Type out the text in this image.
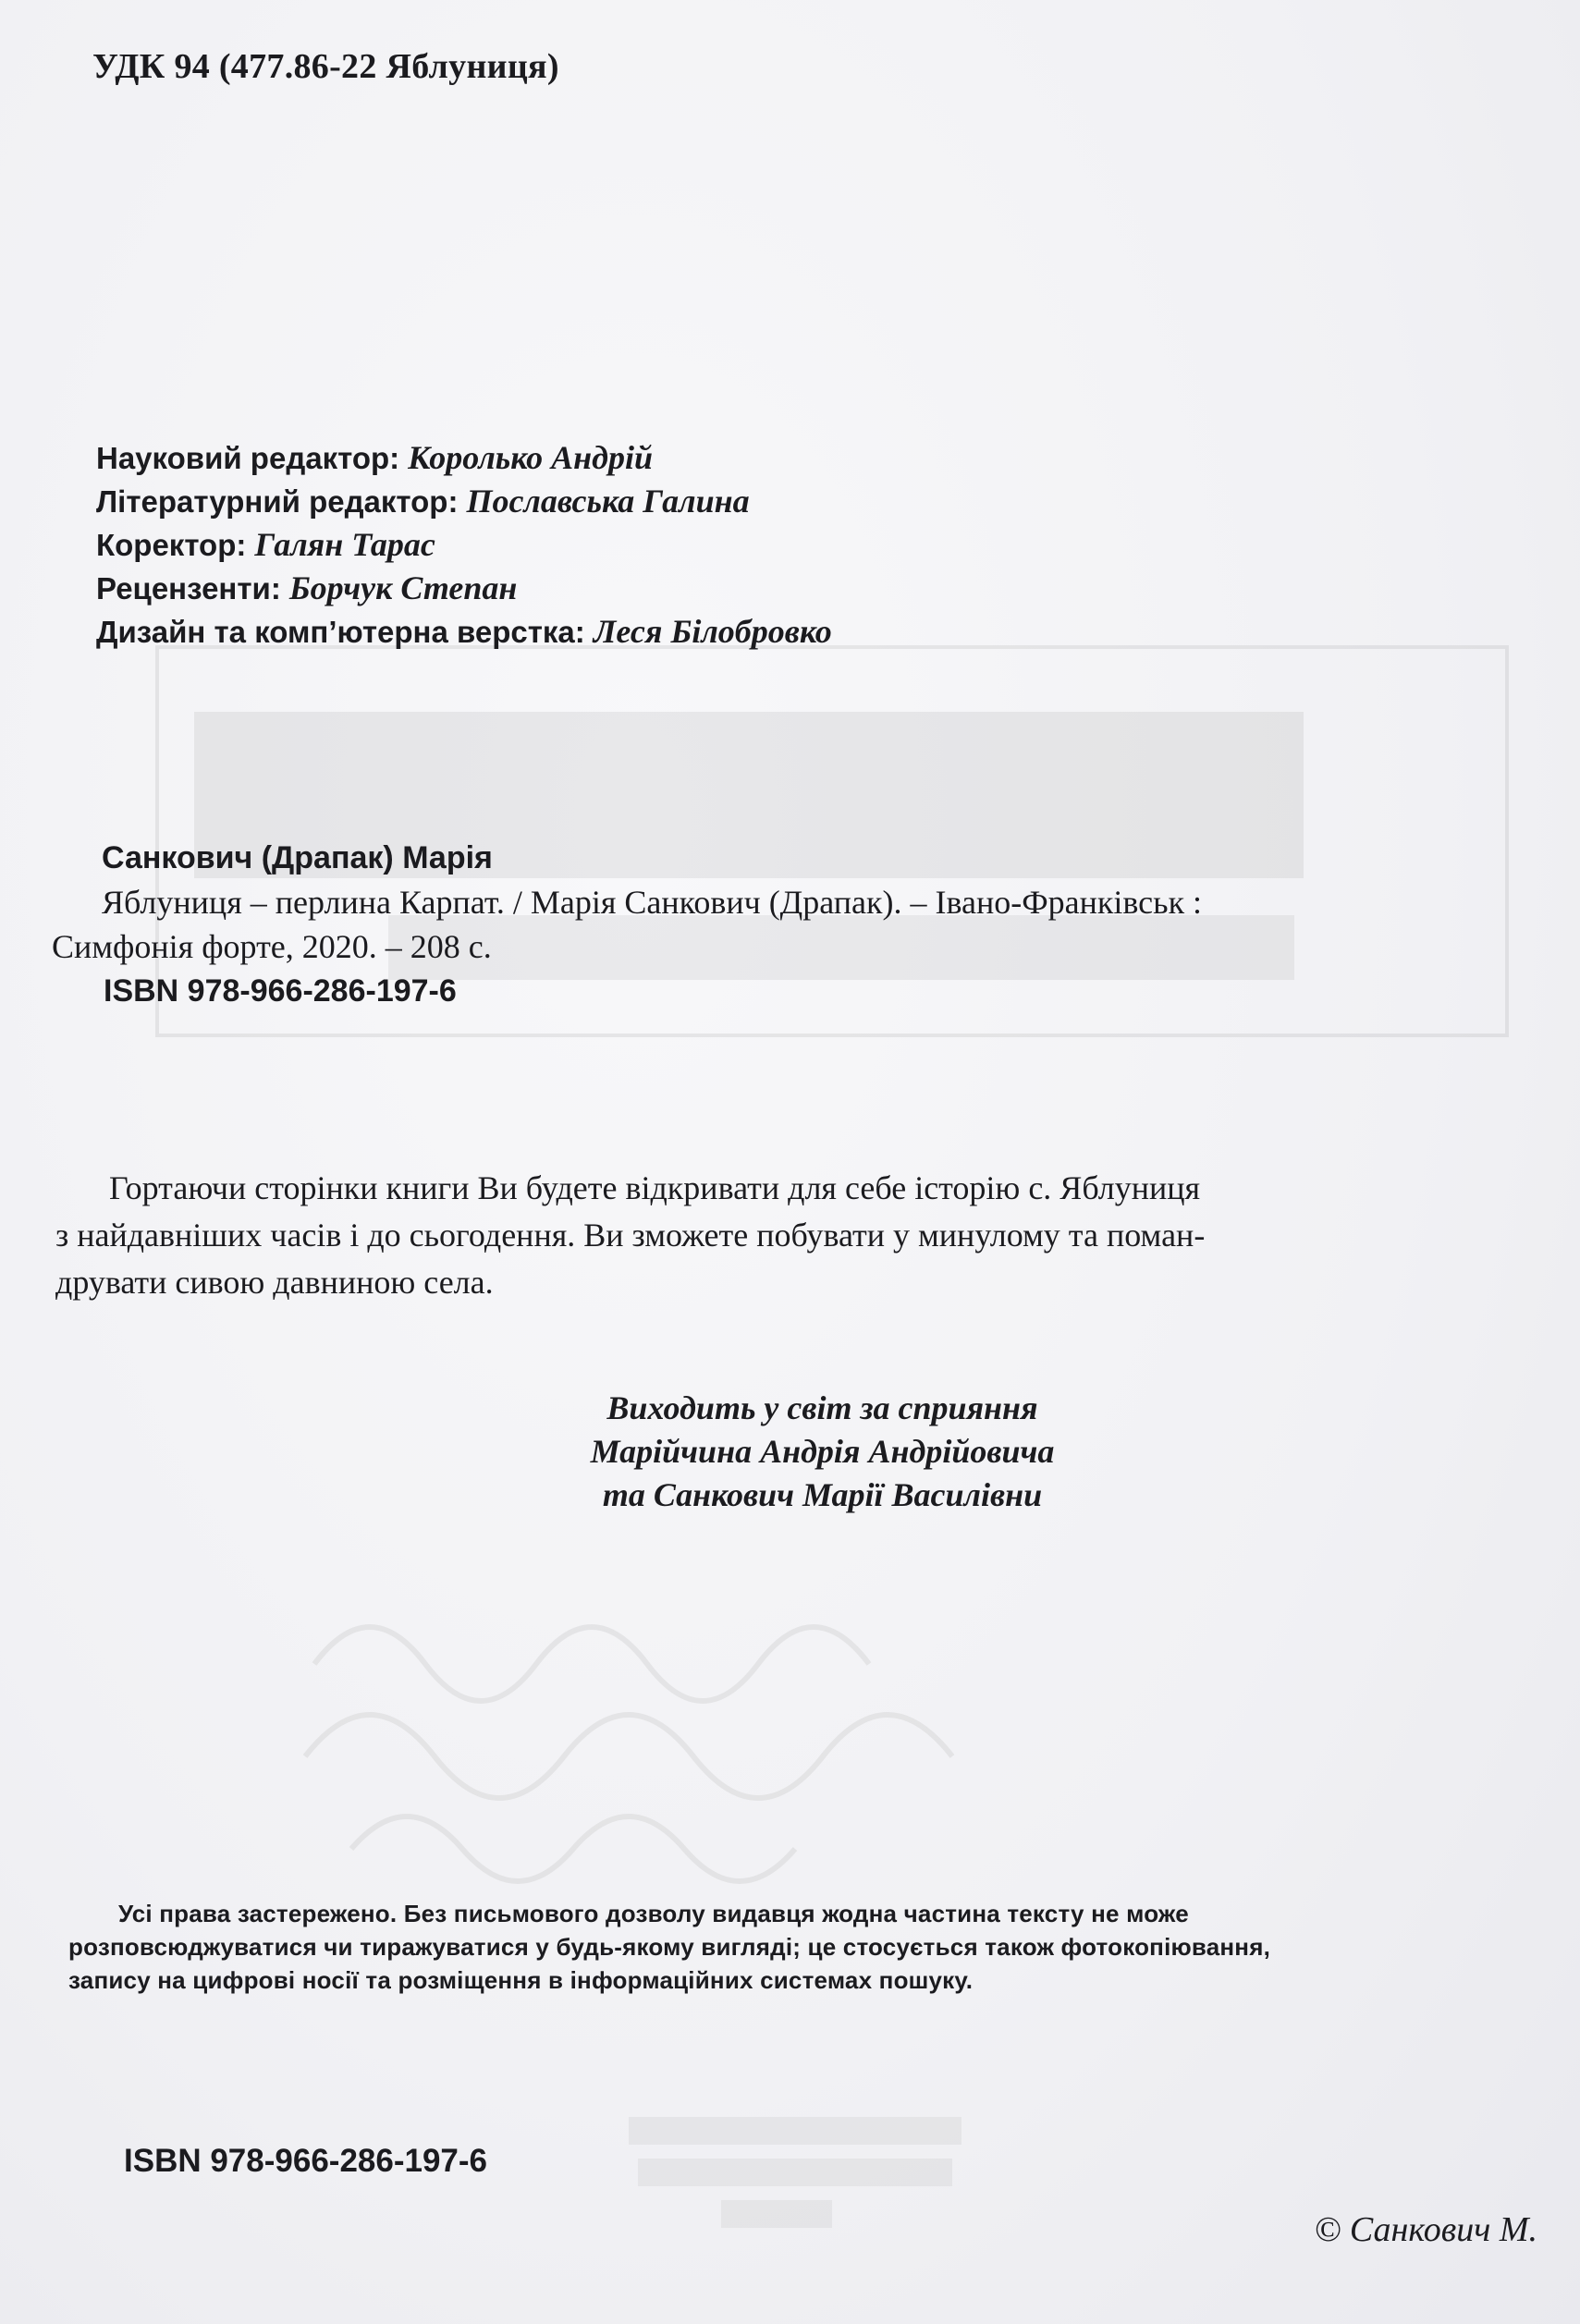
УДК 94 (477.86-22 Яблуниця)
Науковий редактор: Королько Андрій
Літературний редактор: Пославська Галина
Коректор: Галян Тарас
Рецензенти: Борчук Степан
Дизайн та комп’ютерна верстка: Леся Білобровко
Санкович (Драпак) Марія
Яблуниця – перлина Карпат. / Марія Санкович (Драпак). – Івано-Франківськ :
Симфонія форте, 2020. – 208 с.
ISBN 978-966-286-197-6
Гортаючи сторінки книги Ви будете відкривати для себе історію с. Яблуниця
з найдавніших часів і до сьогодення. Ви зможете побувати у минулому та поман-
друвати сивою давниною села.
Виходить у світ за сприяння
Марійчина Андрія Андрійовича
та Санкович Марії Василівни
Усі права застережено. Без письмового дозволу видавця жодна частина тексту не може
розповсюджуватися чи тиражуватися у будь-якому вигляді; це стосується також фотокопіювання,
запису на цифрові носії та розміщення в інформаційних системах пошуку.
ISBN 978-966-286-197-6
© Санкович М.
